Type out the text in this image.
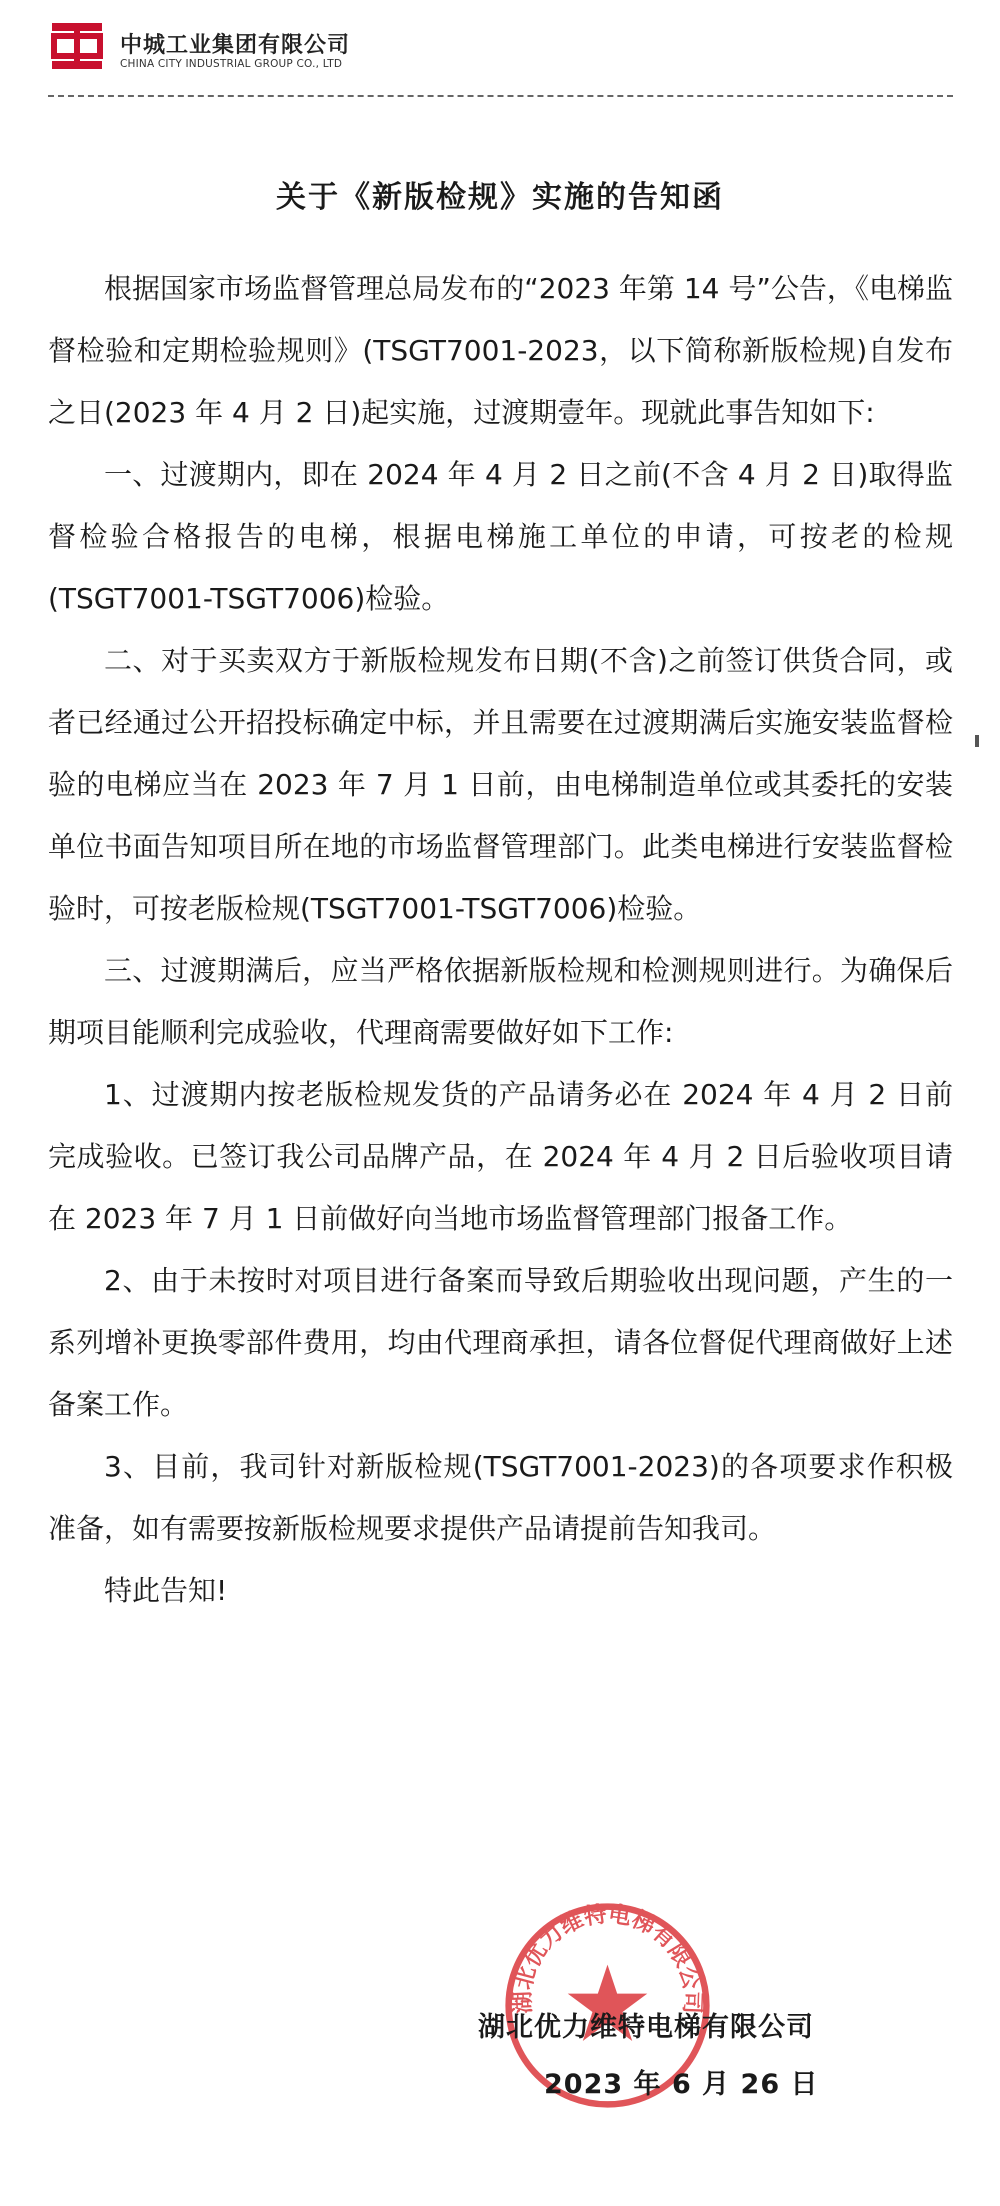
中城工业集团有限公司
CHINA CITY INDUSTRIAL GROUP CO., LTD
关于《新版检规》实施的告知函

根据国家市场监督管理总局发布的“2023 年第 14 号”公告，《电梯监督检验和定期检验规则》(TSGT7001-2023，以下简称新版检规)自发布之日(2023 年 4 月 2 日)起实施，过渡期壹年。现就此事告知如下:

一、过渡期内，即在 2024 年 4 月 2 日之前(不含 4 月 2 日)取得监督检验合格报告的电梯，根据电梯施工单位的申请，可按老的检规(TSGT7001-TSGT7006)检验。

二、对于买卖双方于新版检规发布日期(不含)之前签订供货合同，或者已经通过公开招投标确定中标，并且需要在过渡期满后实施安装监督检验的电梯应当在 2023 年 7 月 1 日前，由电梯制造单位或其委托的安装单位书面告知项目所在地的市场监督管理部门。此类电梯进行安装监督检验时，可按老版检规(TSGT7001-TSGT7006)检验。

三、过渡期满后，应当严格依据新版检规和检测规则进行。为确保后期项目能顺利完成验收，代理商需要做好如下工作:

1、过渡期内按老版检规发货的产品请务必在 2024 年 4 月 2 日前完成验收。已签订我公司品牌产品，在 2024 年 4 月 2 日后验收项目请在 2023 年 7 月 1 日前做好向当地市场监督管理部门报备工作。

2、由于未按时对项目进行备案而导致后期验收出现问题，产生的一系列增补更换零部件费用，均由代理商承担，请各位督促代理商做好上述备案工作。

3、目前，我司针对新版检规(TSGT7001-2023)的各项要求作积极准备，如有需要按新版检规要求提供产品请提前告知我司。

特此告知!

湖北优力维特电梯有限公司
湖北优力维特电梯有限公司
2023 年 6 月 26 日
